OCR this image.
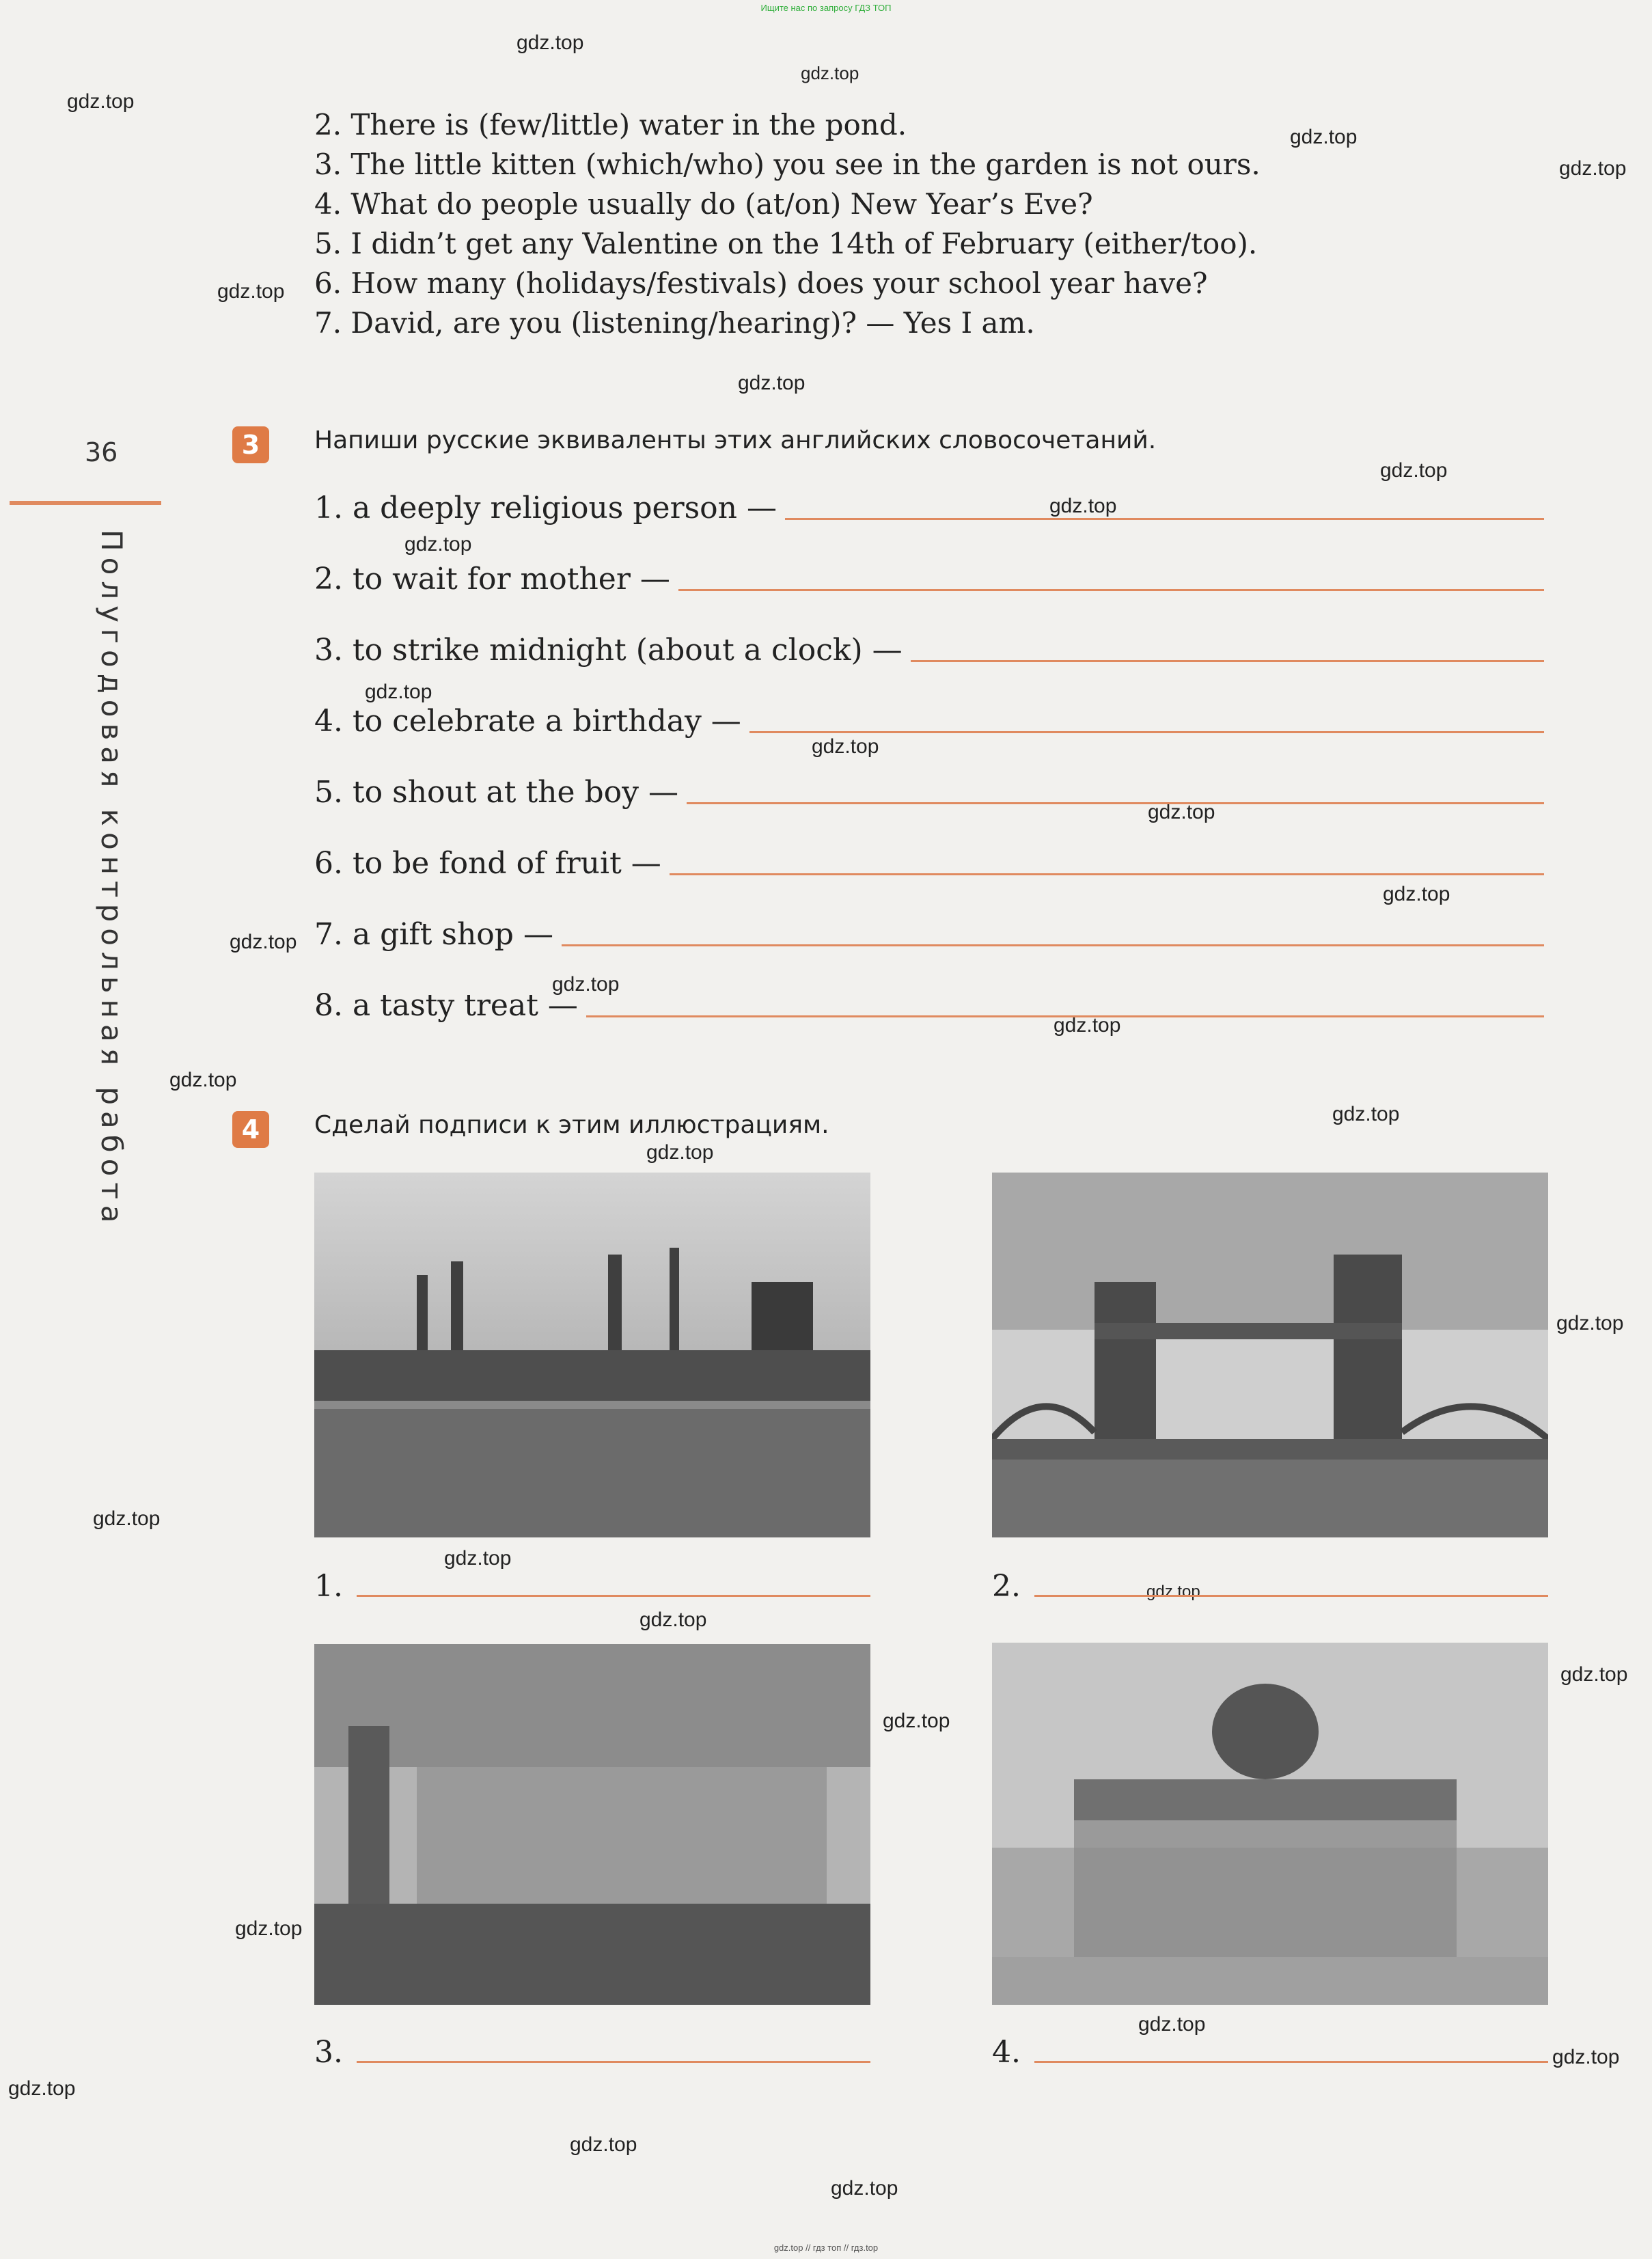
Ищите нас по запросу ГДЗ ТОП
gdz.top
gdz.top
gdz.top
gdz.top
gdz.top
gdz.top
gdz.top
gdz.top
gdz.top
gdz.top
gdz.top
gdz.top
gdz.top
gdz.top
gdz.top
gdz.top
gdz.top
gdz.top
gdz.top
gdz.top
gdz.top
gdz.top
gdz.top
gdz.top
gdz.top
gdz.top
gdz.top
gdz.top
gdz.top
gdz.top
gdz.top
gdz.top
gdz.top
36
Полугодовая контрольная работа
2. There is (few/little) water in the pond.
3. The little kitten (which/who) you see in the garden is not ours.
4. What do people usually do (at/on) New Year’s Eve?
5. I didn’t get any Valentine on the 14th of February (either/too).
6. How many (holidays/festivals) does your school year have?
7. David, are you (listening/hearing)? — Yes I am.
3	Напиши русские эквиваленты этих английских словосочетаний.
1. a deeply religious person —
2. to wait for mother —
3. to strike midnight (about a clock) —
4. to celebrate a birthday —
5. to shout at the boy —
6. to be fond of fruit —
7. a gift shop —
8. a tasty treat —
4	Сделай подписи к этим иллюстрациям.
1.	2.
3.	4.
gdz.top // гдз топ // гдз.top
